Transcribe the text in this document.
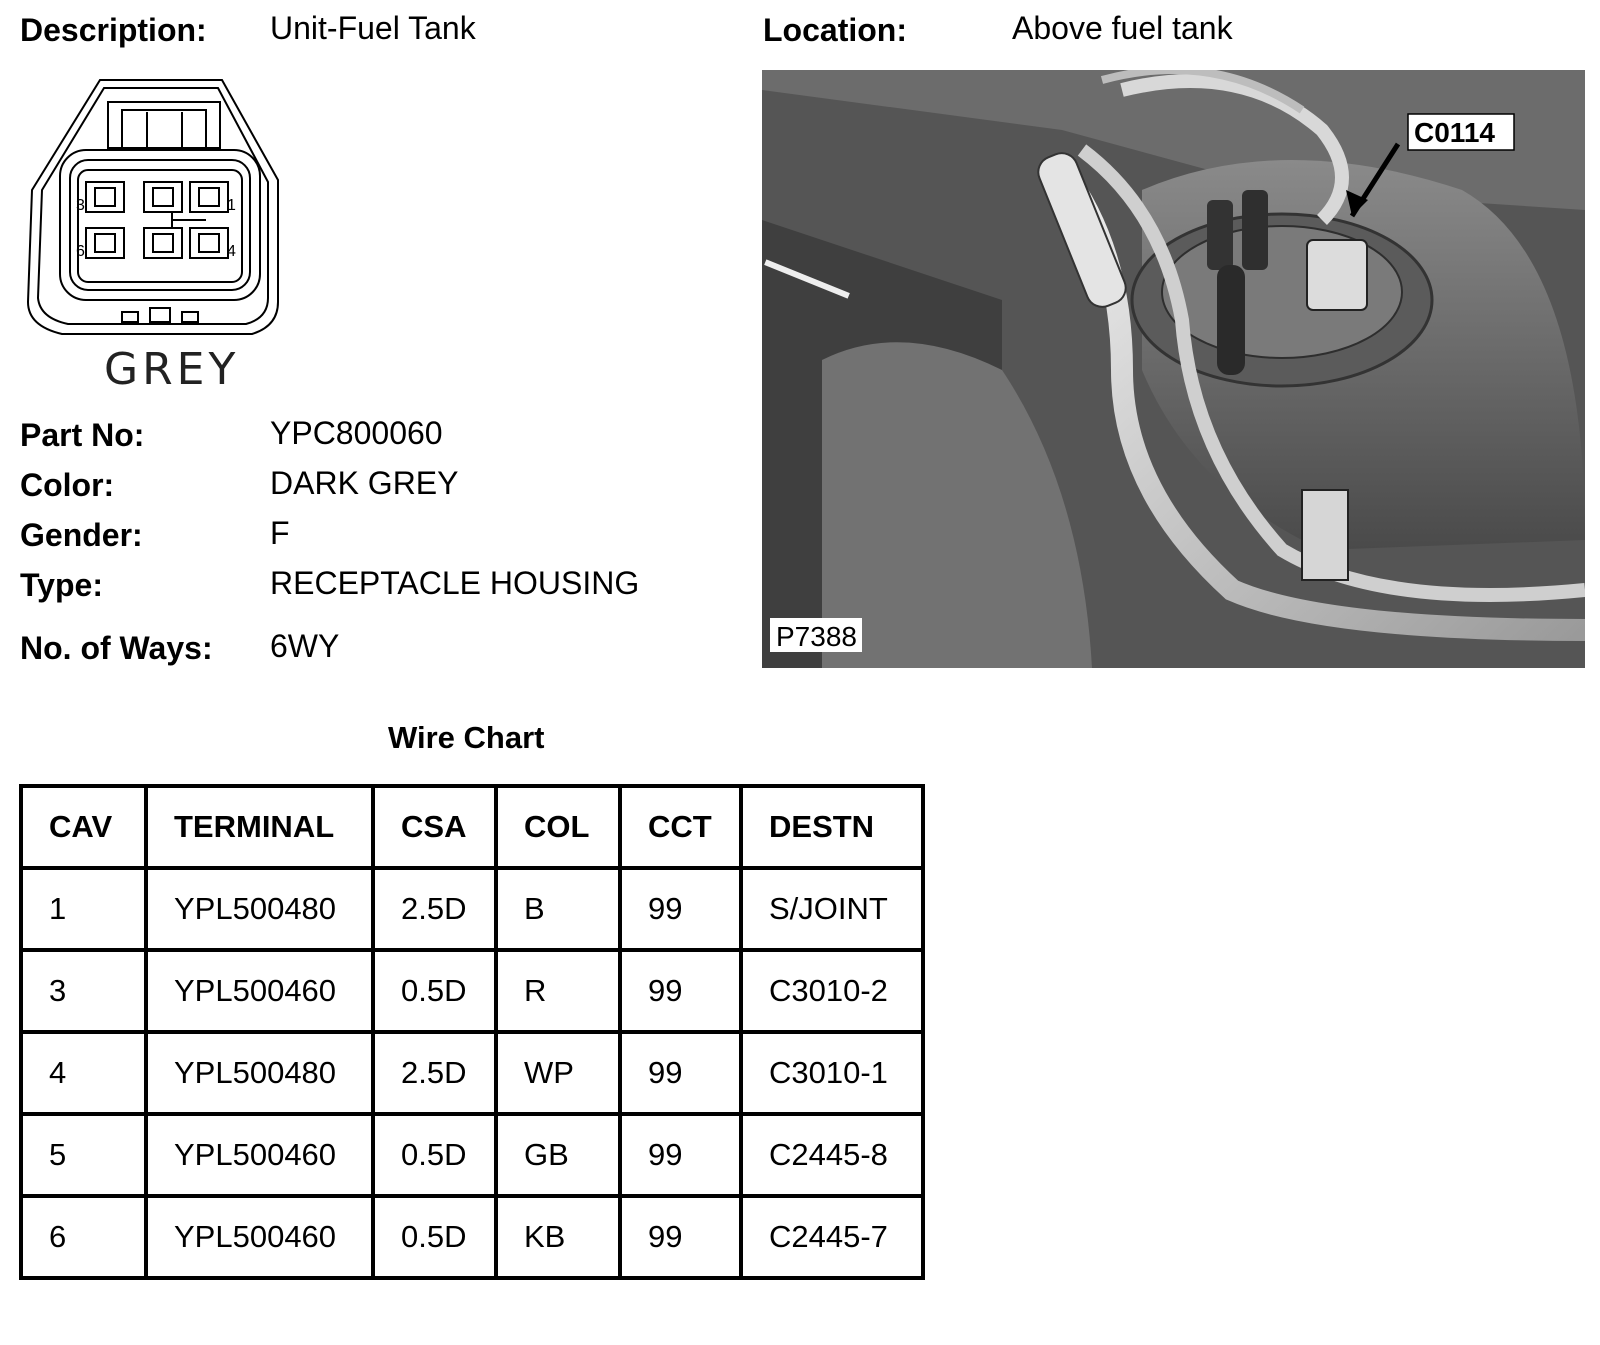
Description: Unit-Fuel Tank	Location:	Above fuel tank
3	1
6	4
GREY
Part No:	YPC800060
Color:	DARK GREY
Gender:	F
Type:	RECEPTACLE HOUSING
No. of Ways: 6WY
C0114
P7388
Wire Chart
CAV	TERMINAL	CSA	COL	CCT	DESTN
1	YPL500480	2.5D	B	99	S/JOINT
3	YPL500460	0.5D	R	99	C3010-2
4	YPL500480	2.5D	WP	99	C3010-1
5	YPL500460	0.5D	GB	99	C2445-8
6	YPL500460	0.5D	KB	99	C2445-7
